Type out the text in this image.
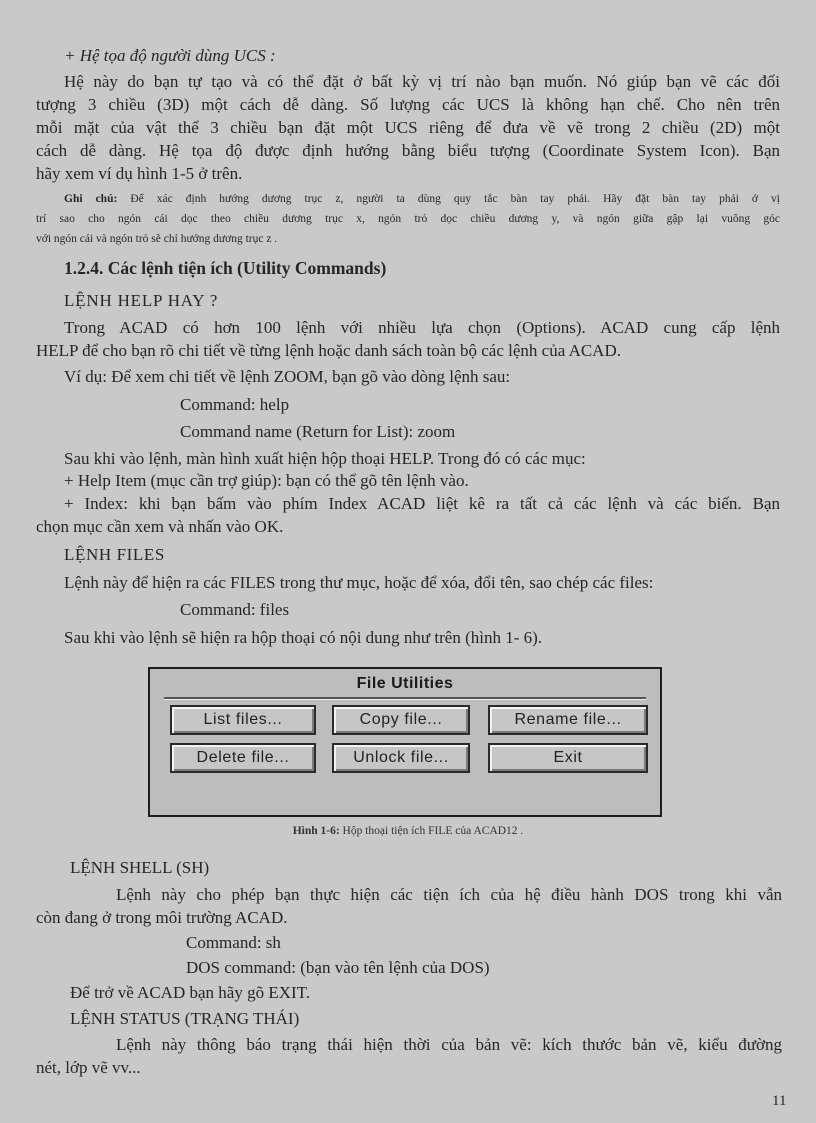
+ Hệ tọa độ người dùng UCS :
Hệ này do bạn tự tạo và có thể đặt ở bất kỳ vị trí nào bạn muốn. Nó giúp bạn vẽ các đối
tượng 3 chiều (3D) một cách dễ dàng. Số lượng các UCS là không hạn chế. Cho nên trên
mỗi mặt của vật thể 3 chiều bạn đặt một UCS riêng để đưa về vẽ trong 2 chiều (2D) một
cách dễ dàng. Hệ tọa độ được định hướng bằng biểu tượng (Coordinate System Icon). Bạn
hãy xem ví dụ hình 1-5 ở trên.
Ghi chú: Để xác định hướng dương trục z, người ta dùng quy tắc bàn tay phải. Hãy đặt bàn tay phải ở vị
trí sao cho ngón cái dọc theo chiều dương trục x, ngón trỏ dọc chiều dương y, và ngón giữa gập lại vuông góc
với ngón cái và ngón trỏ sẽ chỉ hướng dương trục z .
1.2.4. Các lệnh tiện ích (Utility Commands)
LỆNH HELP HAY ?
Trong ACAD có hơn 100 lệnh với nhiều lựa chọn (Options). ACAD cung cấp lệnh
HELP để cho bạn rõ chi tiết về từng lệnh hoặc danh sách toàn bộ các lệnh của ACAD.
Ví dụ: Để xem chi tiết về lệnh ZOOM, bạn gõ vào dòng lệnh sau:
Command: help
Command name (Return for List): zoom
Sau khi vào lệnh, màn hình xuất hiện hộp thoại HELP. Trong đó có các mục:
+ Help Item (mục cần trợ giúp): bạn có thể gõ tên lệnh vào.
+ Index: khi bạn bấm vào phím Index ACAD liệt kê ra tất cả các lệnh và các biến. Bạn
chọn mục cần xem và nhấn vào OK.
LỆNH FILES
Lệnh này để hiện ra các FILES trong thư mục, hoặc để xóa, đổi tên, sao chép các files:
Command: files
Sau khi vào lệnh sẽ hiện ra hộp thoại có nội dung như trên (hình 1- 6).
File Utilities
List files...	Copy file...	Rename file...
Delete file...	Unlock file...	Exit
Hình 1-6: Hộp thoại tiện ích FILE của ACAD12 .
LỆNH SHELL (SH)
Lệnh này cho phép bạn thực hiện các tiện ích của hệ điều hành DOS trong khi vẫn
còn đang ở trong môi trường ACAD.
Command: sh
DOS command: (bạn vào tên lệnh của DOS)
Để trở về ACAD bạn hãy gõ EXIT.
LỆNH STATUS (TRẠNG THÁI)
Lệnh này thông báo trạng thái hiện thời của bản vẽ: kích thước bản vẽ, kiểu đường
nét, lớp vẽ vv...
11
